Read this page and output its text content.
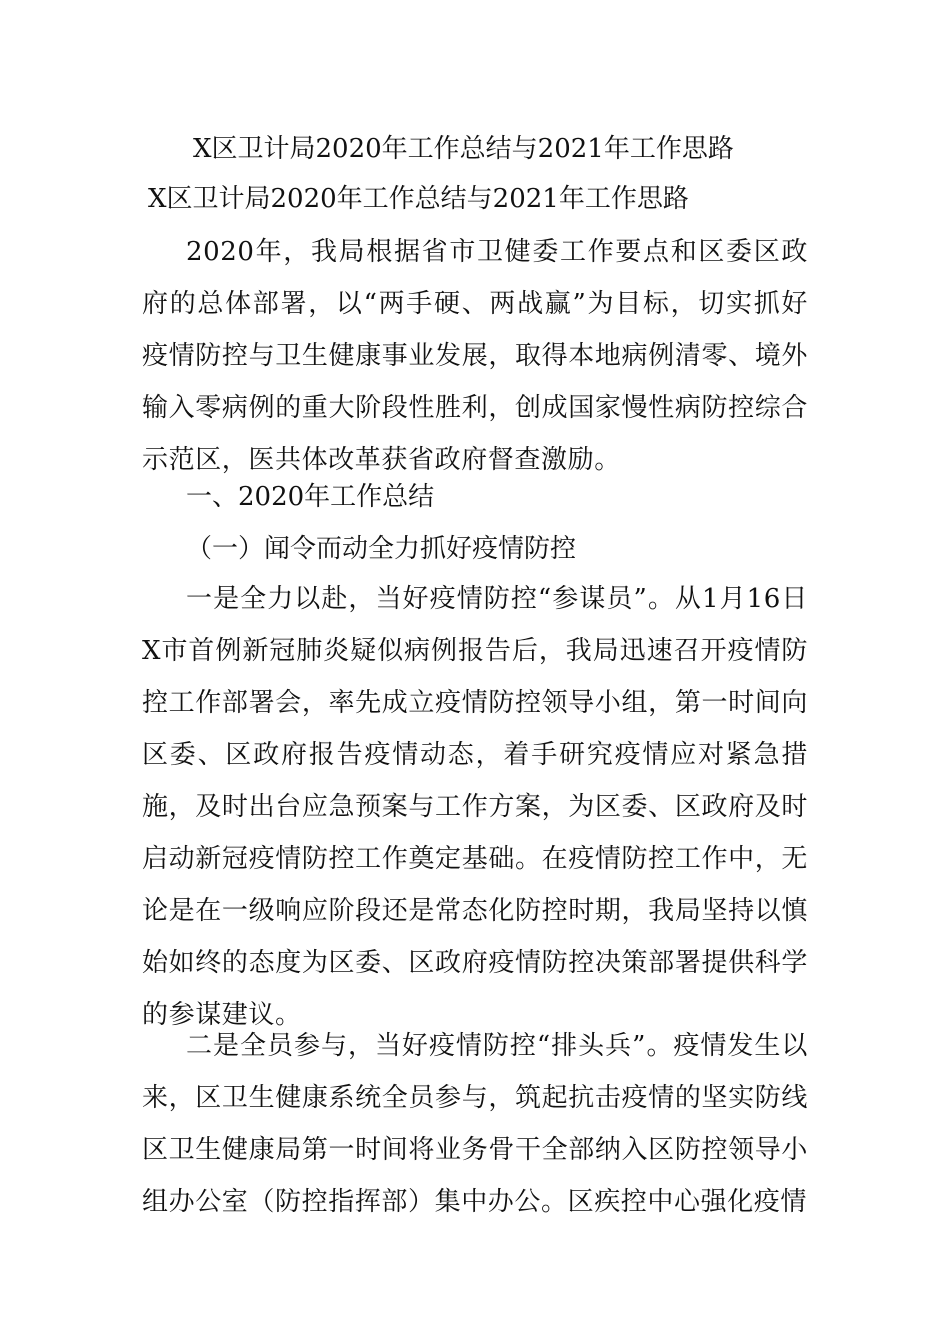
X区卫计局2020年工作总结与2021年工作思路
X区卫计局2020年工作总结与2021年工作思路

2020年，我局根据省市卫健委工作要点和区委区政府的总体部署，以“两手硬、两战赢”为目标，切实抓好疫情防控与卫生健康事业发展，取得本地病例清零、境外输入零病例的重大阶段性胜利，创成国家慢性病防控综合示范区，医共体改革获省政府督查激励。

一、2020年工作总结
（一）闻令而动全力抓好疫情防控

一是全力以赴，当好疫情防控“参谋员”。从1月16日X市首例新冠肺炎疑似病例报告后，我局迅速召开疫情防控工作部署会，率先成立疫情防控领导小组，第一时间向区委、区政府报告疫情动态，着手研究疫情应对紧急措施，及时出台应急预案与工作方案，为区委、区政府及时启动新冠疫情防控工作奠定基础。在疫情防控工作中，无论是在一级响应阶段还是常态化防控时期，我局坚持以慎始如终的态度为区委、区政府疫情防控决策部署提供科学的参谋建议。

二是全员参与，当好疫情防控“排头兵”。疫情发生以来，区卫生健康系统全员参与，筑起抗击疫情的坚实防线区卫生健康局第一时间将业务骨干全部纳入区防控领导小组办公室（防控指挥部）集中办公。区疾控中心强化疫情
